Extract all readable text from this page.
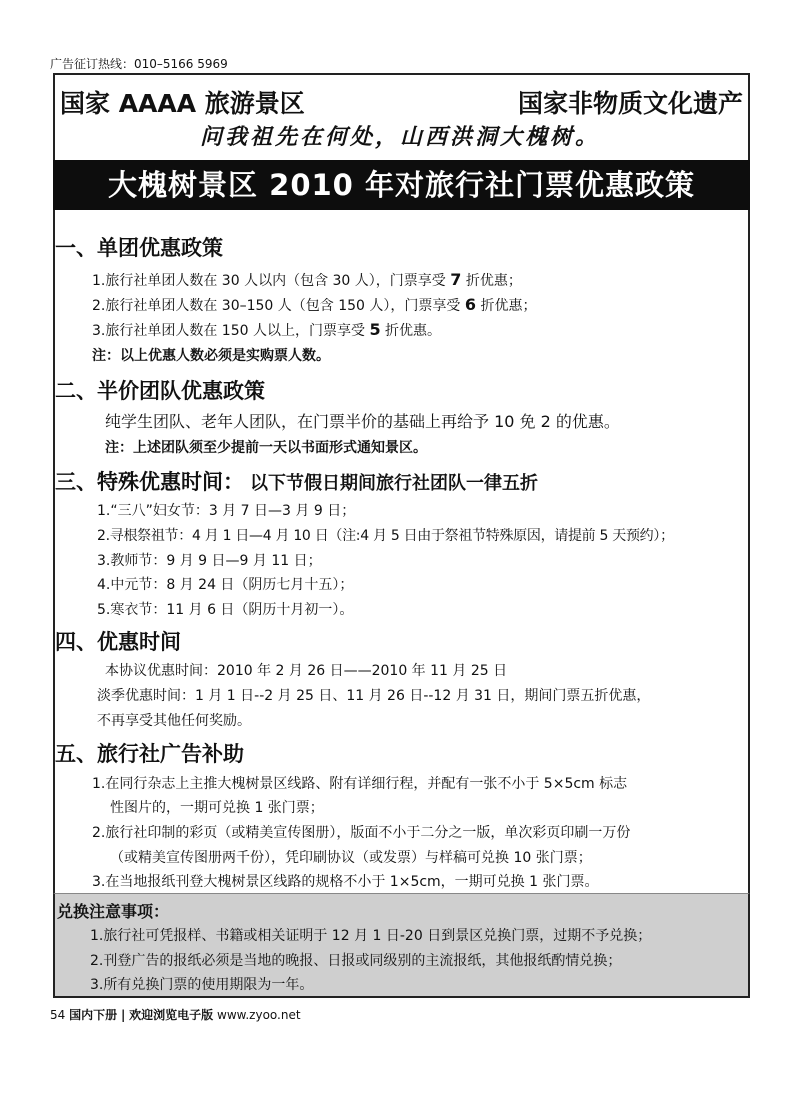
广告征订热线：010–5166 5969
国家 AAAA 旅游景区	国家非物质文化遗产
问我祖先在何处，山西洪洞大槐树。
大槐树景区 2010 年对旅行社门票优惠政策
一、单团优惠政策
1.旅行社单团人数在 30 人以内（包含 30 人），门票享受 7 折优惠；
2.旅行社单团人数在 30–150 人（包含 150 人），门票享受 6 折优惠；
3.旅行社单团人数在 150 人以上，门票享受 5 折优惠。
注：以上优惠人数必须是实购票人数。
二、半价团队优惠政策
纯学生团队、老年人团队，在门票半价的基础上再给予 10 免 2 的优惠。
注：上述团队须至少提前一天以书面形式通知景区。
三、特殊优惠时间： 以下节假日期间旅行社团队一律五折
1.“三八”妇女节：3 月 7 日—3 月 9 日；
2.寻根祭祖节：4 月 1 日—4 月 10 日（注:4 月 5 日由于祭祖节特殊原因，请提前 5 天预约）；
3.教师节：9 月 9 日—9 月 11 日；
4.中元节：8 月 24 日（阴历七月十五）；
5.寒衣节：11 月 6 日（阴历十月初一）。
四、优惠时间
本协议优惠时间：2010 年 2 月 26 日——2010 年 11 月 25 日
淡季优惠时间：1 月 1 日--2 月 25 日、11 月 26 日--12 月 31 日，期间门票五折优惠，
不再享受其他任何奖励。
五、旅行社广告补助
1.在同行杂志上主推大槐树景区线路、附有详细行程，并配有一张不小于 5×5cm 标志
性图片的，一期可兑换 1 张门票；
2.旅行社印制的彩页（或精美宣传图册），版面不小于二分之一版，单次彩页印刷一万份
（或精美宣传图册两千份），凭印刷协议（或发票）与样稿可兑换 10 张门票；
3.在当地报纸刊登大槐树景区线路的规格不小于 1×5cm，一期可兑换 1 张门票。
兑换注意事项：
1.旅行社可凭报样、书籍或相关证明于 12 月 1 日-20 日到景区兑换门票，过期不予兑换；
2.刊登广告的报纸必须是当地的晚报、日报或同级别的主流报纸，其他报纸酌情兑换；
3.所有兑换门票的使用期限为一年。
54 国内下册 | 欢迎浏览电子版 www.zyoo.net
